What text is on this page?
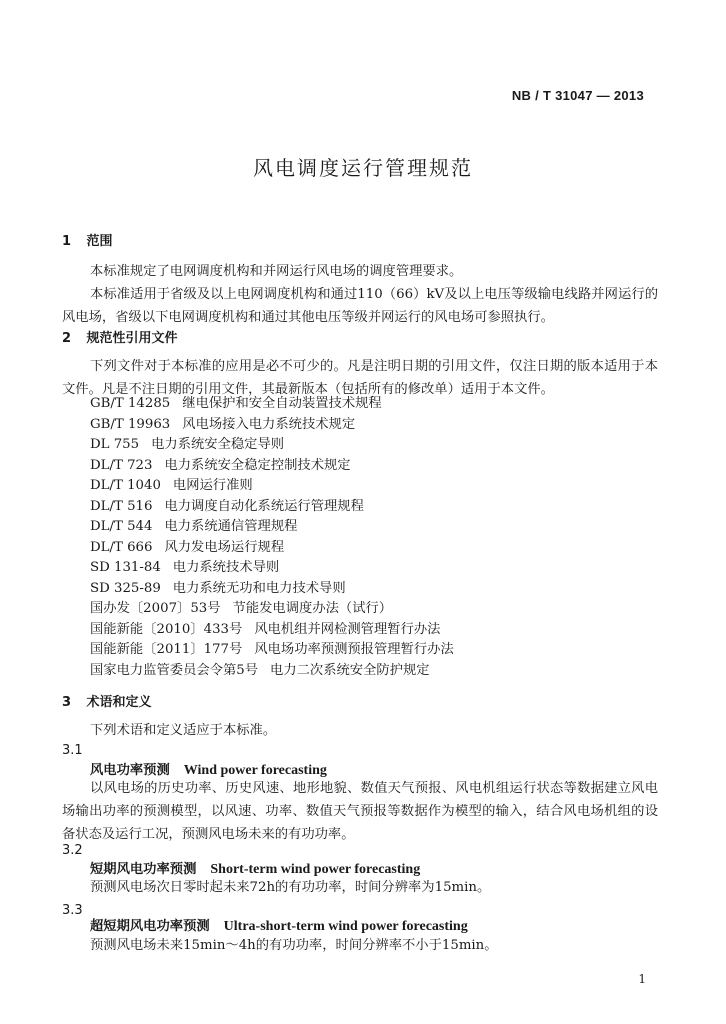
NB / T 31047 — 2013
风电调度运行管理规范
1 范围
本标准规定了电网调度机构和并网运行风电场的调度管理要求。
本标准适用于省级及以上电网调度机构和通过110（66）kV及以上电压等级输电线路并网运行的风电场，省级以下电网调度机构和通过其他电压等级并网运行的风电场可参照执行。
2 规范性引用文件
下列文件对于本标准的应用是必不可少的。凡是注明日期的引用文件，仅注日期的版本适用于本文件。凡是不注日期的引用文件，其最新版本（包括所有的修改单）适用于本文件。
GB/T 14285 继电保护和安全自动装置技术规程
GB/T 19963 风电场接入电力系统技术规定
DL 755 电力系统安全稳定导则
DL/T 723 电力系统安全稳定控制技术规定
DL/T 1040 电网运行准则
DL/T 516 电力调度自动化系统运行管理规程
DL/T 544 电力系统通信管理规程
DL/T 666 风力发电场运行规程
SD 131-84 电力系统技术导则
SD 325-89 电力系统无功和电力技术导则
国办发〔2007〕53号 节能发电调度办法（试行）
国能新能〔2010〕433号 风电机组并网检测管理暂行办法
国能新能〔2011〕177号 风电场功率预测预报管理暂行办法
国家电力监管委员会令第5号 电力二次系统安全防护规定
3 术语和定义
下列术语和定义适应于本标准。
3.1
风电功率预测 Wind power forecasting
以风电场的历史功率、历史风速、地形地貌、数值天气预报、风电机组运行状态等数据建立风电场输出功率的预测模型，以风速、功率、数值天气预报等数据作为模型的输入，结合风电场机组的设备状态及运行工况，预测风电场未来的有功功率。
3.2
短期风电功率预测 Short-term wind power forecasting
预测风电场次日零时起未来72h的有功功率，时间分辨率为15min。
3.3
超短期风电功率预测 Ultra-short-term wind power forecasting
预测风电场未来15min～4h的有功功率，时间分辨率不小于15min。
1
